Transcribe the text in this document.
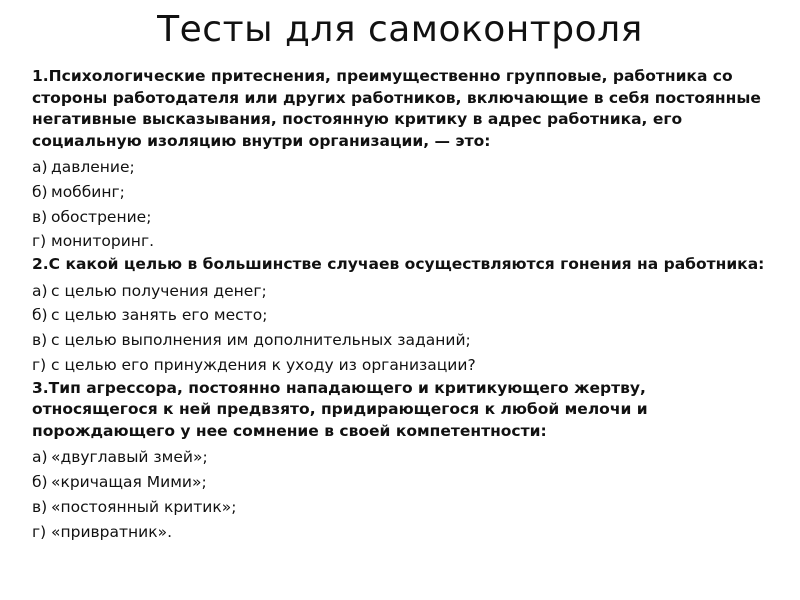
Тесты для самоконтроля
1.Психологические притеснения, преимущественно групповые, работника со стороны работодателя или других работников, включающие в себя постоянные негативные высказывания, постоянную критику в адрес работника, его социальную изоляцию внутри организации, — это:
а) давление;
б) моббинг;
в) обострение;
г) мониторинг.
2.С какой целью в большинстве случаев осуществляются гонения на работника:
а) с целью получения денег;
б) с целью занять его место;
в) с целью выполнения им дополнительных заданий;
г) с целью его принуждения к уходу из организации?
3.Тип агрессора, постоянно нападающего и критикующего жертву, относящегося к ней предвзято, придирающегося к любой мелочи и порождающего у нее сомнение в своей компетентности:
а) «двуглавый змей»;
б) «кричащая Мими»;
в) «постоянный критик»;
г) «привратник».
